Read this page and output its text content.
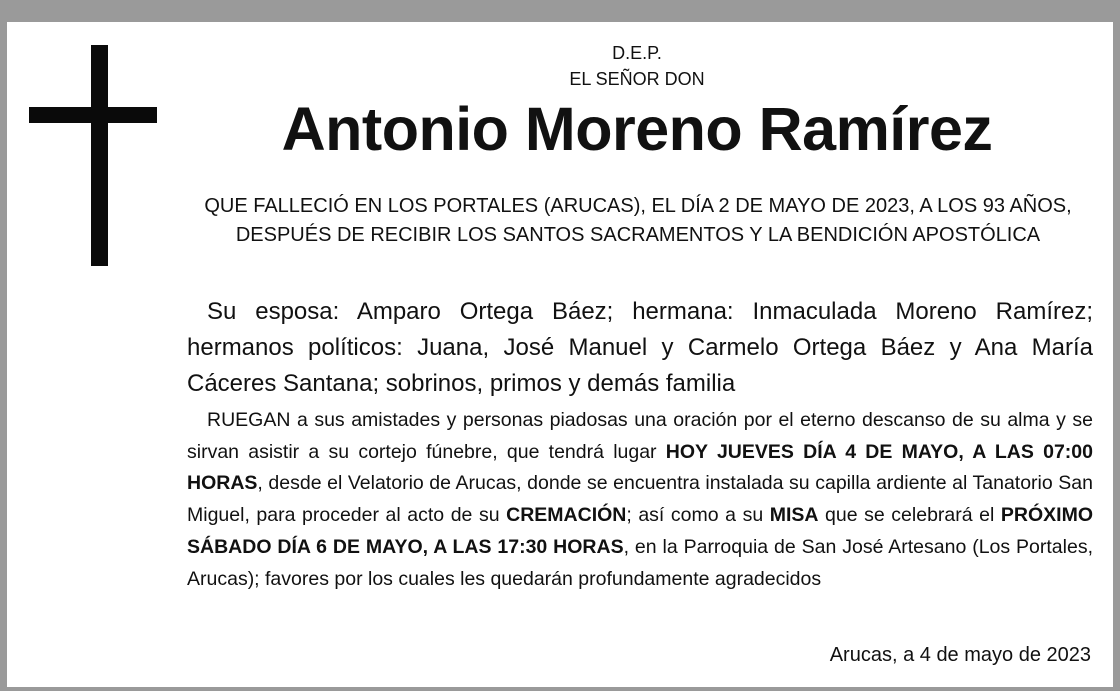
D.E.P.
EL SEÑOR DON
Antonio Moreno Ramírez
QUE FALLECIÓ EN LOS PORTALES (ARUCAS), EL DÍA 2 DE MAYO DE 2023, A LOS 93 AÑOS, DESPUÉS DE RECIBIR LOS SANTOS SACRAMENTOS Y LA BENDICIÓN APOSTÓLICA
Su esposa: Amparo Ortega Báez; hermana: Inmaculada Moreno Ramírez; hermanos políticos: Juana, José Manuel y Carmelo Ortega Báez y Ana María Cáceres Santana; sobrinos, primos y demás familia
RUEGAN a sus amistades y personas piadosas una oración por el eterno descanso de su alma y se sirvan asistir a su cortejo fúnebre, que tendrá lugar HOY JUEVES DÍA 4 DE MAYO, A LAS 07:00 HORAS, desde el Velatorio de Arucas, donde se encuentra instalada su capilla ardiente al Tanatorio San Miguel, para proceder al acto de su CREMACIÓN; así como a su MISA que se celebrará el PRÓXIMO SÁBADO DÍA 6 DE MAYO, A LAS 17:30 HORAS, en la Parroquia de San José Artesano (Los Portales, Arucas); favores por los cuales les quedarán profundamente agradecidos
Arucas, a 4 de mayo de 2023
